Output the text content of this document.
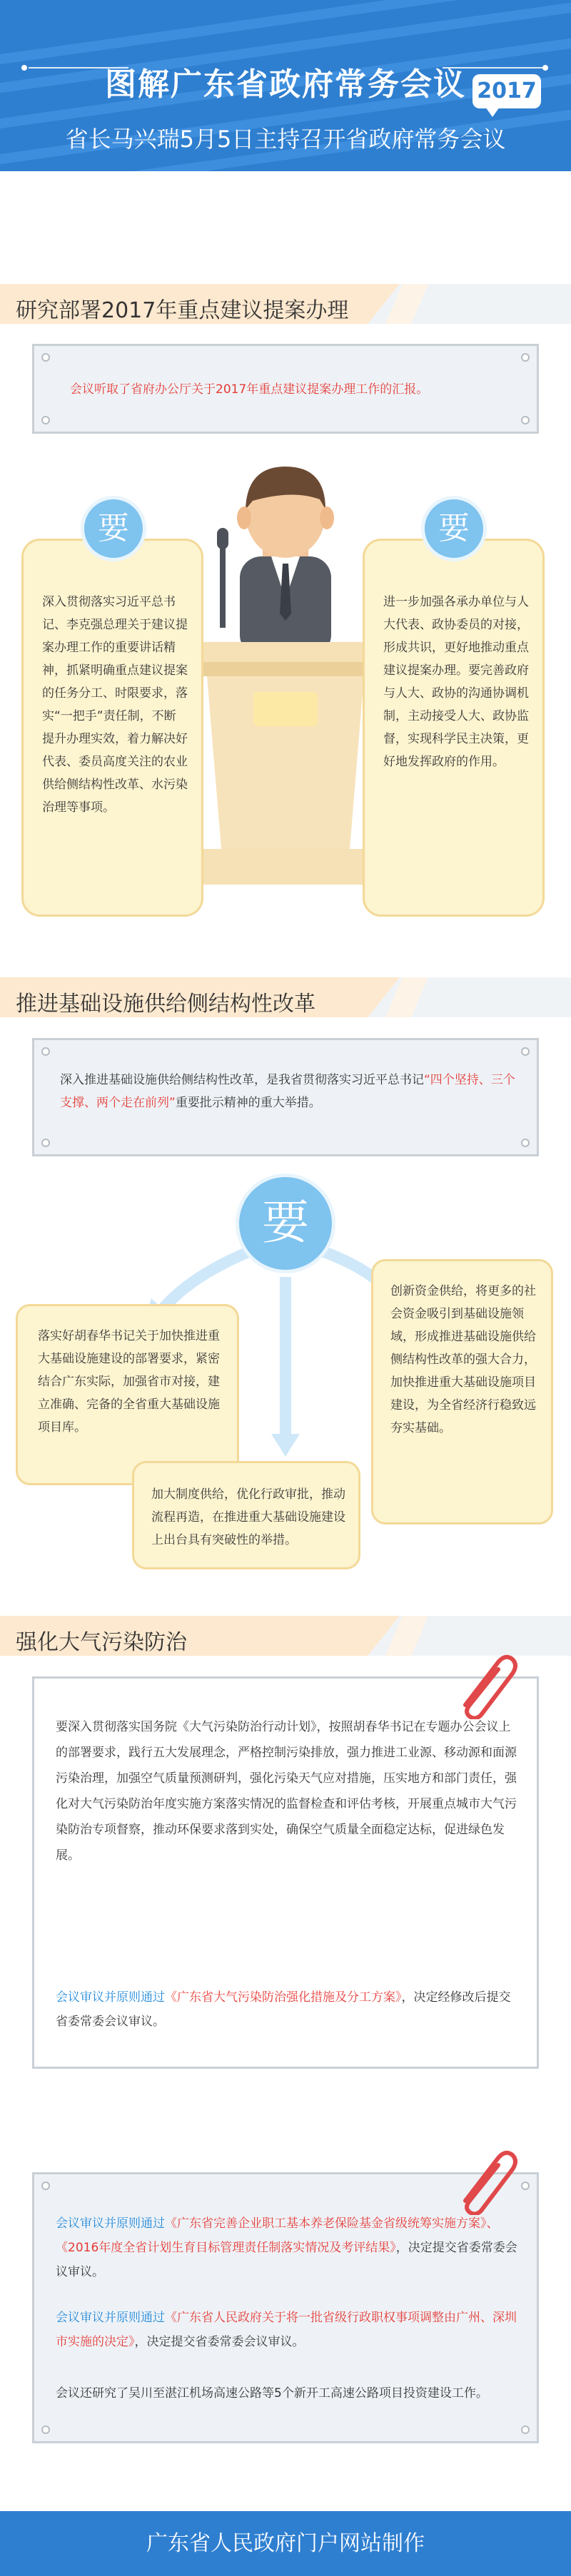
图解广东省政府常务会议 2017
省长马兴瑞5月5日主持召开省政府常务会议
研究部署2017年重点建议提案办理
会议听取了省府办公厅关于2017年重点建议提案办理工作的汇报。
深入贯彻落实习近平总书记、李克强总理关于建议提案办理工作的重要讲话精神，抓紧明确重点建议提案的任务分工、时限要求，落实“一把手”责任制，不断提升办理实效，着力解决好代表、委员高度关注的农业供给侧结构性改革、水污染治理等事项。
要
进一步加强各承办单位与人大代表、政协委员的对接，形成共识，更好地推动重点建议提案办理。要完善政府与人大、政协的沟通协调机制，主动接受人大、政协监督，实现科学民主决策，更好地发挥政府的作用。
要
推进基础设施供给侧结构性改革
深入推进基础设施供给侧结构性改革，是我省贯彻落实习近平总书记“四个坚持、三个支撑、两个走在前列”重要批示精神的重大举措。
要
落实好胡春华书记关于加快推进重大基础设施建设的部署要求，紧密结合广东实际，加强省市对接，建立准确、完备的全省重大基础设施项目库。
创新资金供给，将更多的社会资金吸引到基础设施领域，形成推进基础设施供给侧结构性改革的强大合力，加快推进重大基础设施项目建设，为全省经济行稳致远夯实基础。
加大制度供给，优化行政审批，推动流程再造，在推进重大基础设施建设上出台具有突破性的举措。
强化大气污染防治
要深入贯彻落实国务院《大气污染防治行动计划》，按照胡春华书记在专题办公会议上的部署要求，践行五大发展理念，严格控制污染排放，强力推进工业源、移动源和面源污染治理，加强空气质量预测研判，强化污染天气应对措施，压实地方和部门责任，强化对大气污染防治年度实施方案落实情况的监督检查和评估考核，开展重点城市大气污染防治专项督察，推动环保要求落到实处，确保空气质量全面稳定达标，促进绿色发展。
会议审议并原则通过《广东省大气污染防治强化措施及分工方案》，决定经修改后提交省委常委会议审议。
会议审议并原则通过《广东省完善企业职工基本养老保险基金省级统筹实施方案》、《2016年度全省计划生育目标管理责任制落实情况及考评结果》，决定提交省委常委会议审议。
会议审议并原则通过《广东省人民政府关于将一批省级行政职权事项调整由广州、深圳市实施的决定》，决定提交省委常委会议审议。
会议还研究了吴川至湛江机场高速公路等5个新开工高速公路项目投资建设工作。
广东省人民政府门户网站制作
